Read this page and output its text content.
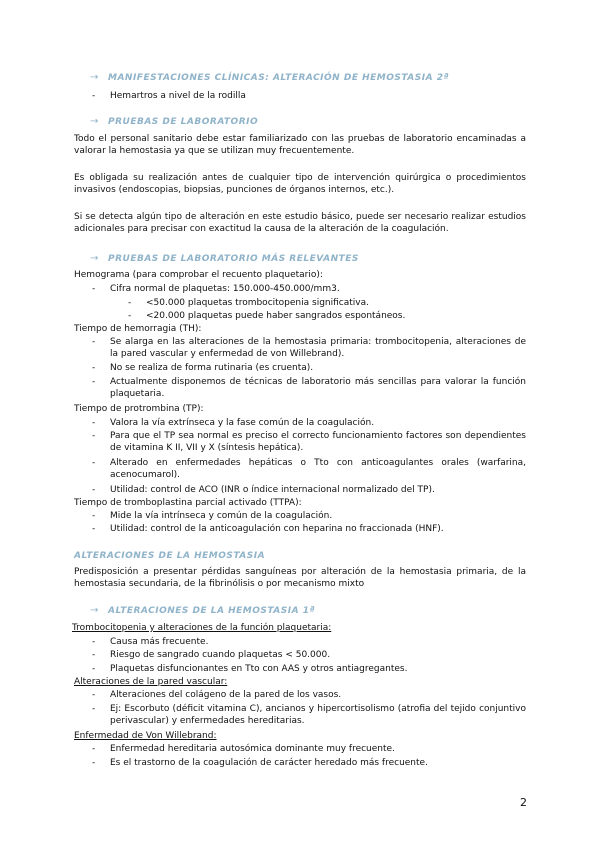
→ MANIFESTACIONES CLÍNICAS: ALTERACIÓN DE HEMOSTASIA 2ª
- Hemartros a nivel de la rodilla
→ PRUEBAS DE LABORATORIO
Todo el personal sanitario debe estar familiarizado con las pruebas de laboratorio encaminadas a valorar la hemostasia ya que se utilizan muy frecuentemente.
Es obligada su realización antes de cualquier tipo de intervención quirúrgica o procedimientos invasivos (endoscopias, biopsias, punciones de órganos internos, etc.).
Si se detecta algún tipo de alteración en este estudio básico, puede ser necesario realizar estudios adicionales para precisar con exactitud la causa de la alteración de la coagulación.
→ PRUEBAS DE LABORATORIO MÁS RELEVANTES
Hemograma (para comprobar el recuento plaquetario):
- Cifra normal de plaquetas: 150.000-450.000/mm3.
- <50.000 plaquetas trombocitopenia significativa.
- <20.000 plaquetas puede haber sangrados espontáneos.
Tiempo de hemorragia (TH):
- Se alarga en las alteraciones de la hemostasia primaria: trombocitopenia, alteraciones de la pared vascular y enfermedad de von Willebrand).
- No se realiza de forma rutinaria (es cruenta).
- Actualmente disponemos de técnicas de laboratorio más sencillas para valorar la función plaquetaria.
Tiempo de protrombina (TP):
- Valora la vía extrínseca y la fase común de la coagulación.
- Para que el TP sea normal es preciso el correcto funcionamiento factores son dependientes de vitamina K II, VII y X (síntesis hepática).
- Alterado en enfermedades hepáticas o Tto con anticoagulantes orales (warfarina, acenocumarol).
- Utilidad: control de ACO (INR o índice internacional normalizado del TP).
Tiempo de tromboplastina parcial activado (TTPA):
- Mide la vía intrínseca y común de la coagulación.
- Utilidad: control de la anticoagulación con heparina no fraccionada (HNF).
ALTERACIONES DE LA HEMOSTASIA
Predisposición a presentar pérdidas sanguíneas por alteración de la hemostasia primaria, de la hemostasia secundaria, de la fibrinólisis o por mecanismo mixto
→ ALTERACIONES DE LA HEMOSTASIA 1ª
Trombocitopenia y alteraciones de la función plaquetaria:
- Causa más frecuente.
- Riesgo de sangrado cuando plaquetas < 50.000.
- Plaquetas disfuncionantes en Tto con AAS y otros antiagregantes.
Alteraciones de la pared vascular:
- Alteraciones del colágeno de la pared de los vasos.
- Ej: Escorbuto (déficit vitamina C), ancianos y hipercortisolismo (atrofia del tejido conjuntivo perivascular) y enfermedades hereditarias.
Enfermedad de Von Willebrand:
- Enfermedad hereditaria autosómica dominante muy frecuente.
- Es el trastorno de la coagulación de carácter heredado más frecuente.
2
